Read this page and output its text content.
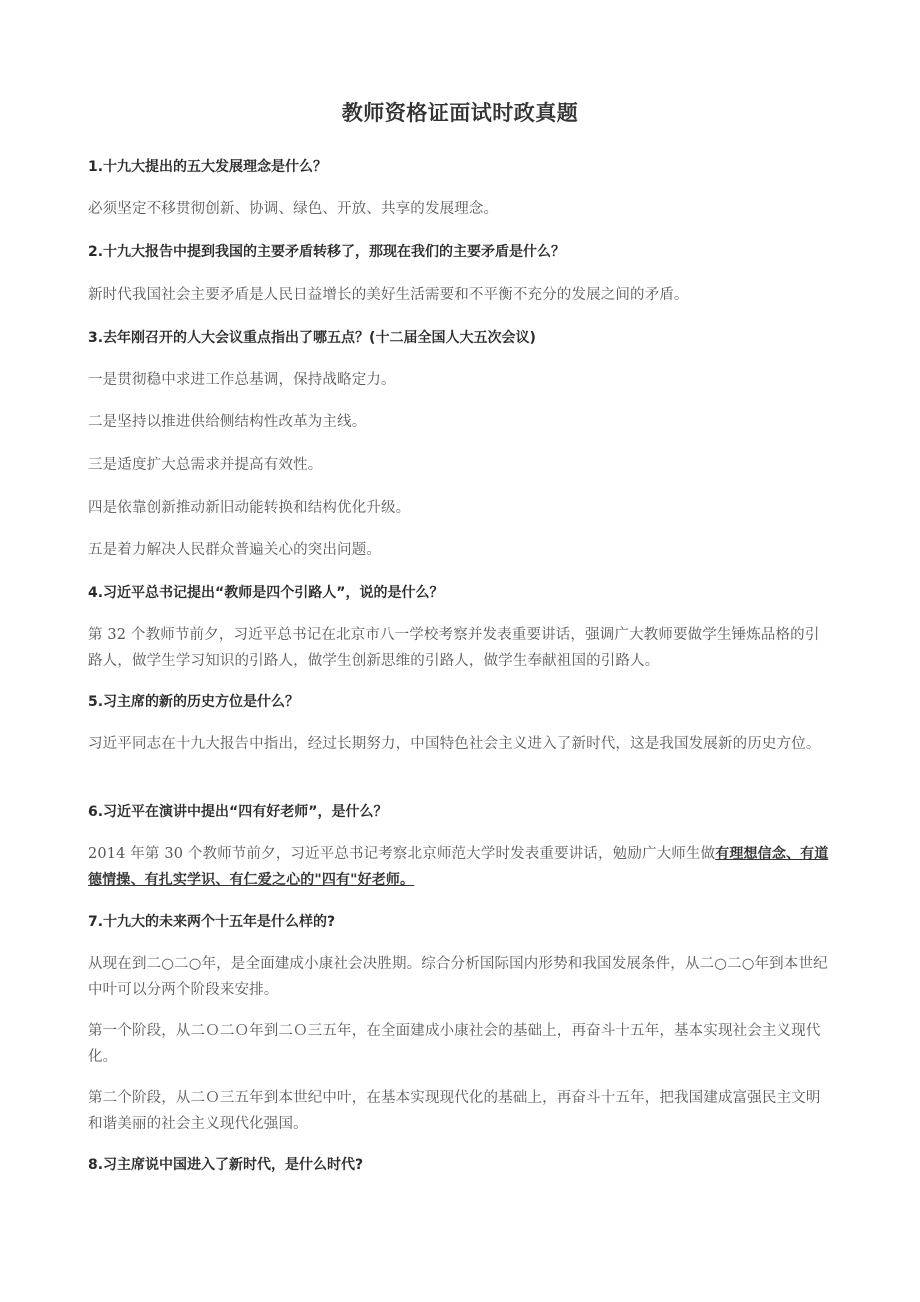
教师资格证面试时政真题

1.十九大提出的五大发展理念是什么？

必须坚定不移贯彻创新、协调、绿色、开放、共享的发展理念。

2.十九大报告中提到我国的主要矛盾转移了，那现在我们的主要矛盾是什么？

新时代我国社会主要矛盾是人民日益增长的美好生活需要和不平衡不充分的发展之间的矛盾。

3.去年刚召开的人大会议重点指出了哪五点？(十二届全国人大五次会议)

一是贯彻稳中求进工作总基调，保持战略定力。

二是坚持以推进供给侧结构性改革为主线。

三是适度扩大总需求并提高有效性。

四是依靠创新推动新旧动能转换和结构优化升级。

五是着力解决人民群众普遍关心的突出问题。

4.习近平总书记提出“教师是四个引路人”，说的是什么？

第 32 个教师节前夕，习近平总书记在北京市八一学校考察并发表重要讲话，强调广大教师要做学生锤炼品格的引路人，做学生学习知识的引路人，做学生创新思维的引路人，做学生奉献祖国的引路人。

5.习主席的新的历史方位是什么？

习近平同志在十九大报告中指出，经过长期努力，中国特色社会主义进入了新时代，这是我国发展新的历史方位。

6.习近平在演讲中提出“四有好老师”，是什么？

2014 年第 30 个教师节前夕，习近平总书记考察北京师范大学时发表重要讲话，勉励广大师生做有理想信念、有道德情操、有扎实学识、有仁爱之心的"四有"好老师。

7.十九大的未来两个十五年是什么样的?

从现在到二○二○年，是全面建成小康社会决胜期。综合分析国际国内形势和我国发展条件，从二○二○年到本世纪中叶可以分两个阶段来安排。

第一个阶段，从二Ｏ二Ｏ年到二Ｏ三五年，在全面建成小康社会的基础上，再奋斗十五年，基本实现社会主义现代化。

第二个阶段，从二Ｏ三五年到本世纪中叶，在基本实现现代化的基础上，再奋斗十五年，把我国建成富强民主文明和谐美丽的社会主义现代化强国。

8.习主席说中国进入了新时代，是什么时代?
